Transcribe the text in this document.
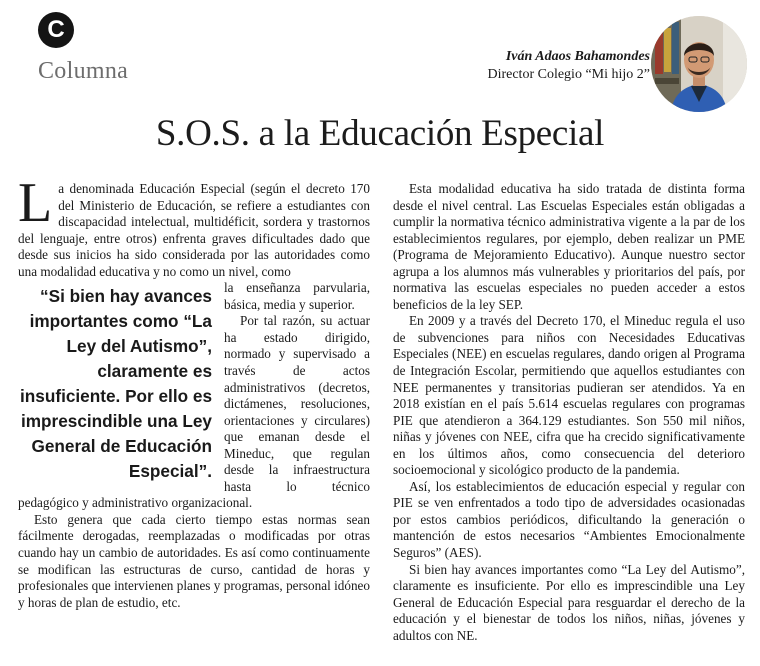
C
Columna
Iván Adaos Bahamondes
Director Colegio “Mi hijo 2”
S.O.S. a la Educación Especial

La denominada Educación Especial (según el decreto 170 del Ministerio de Educación, se refiere a estudiantes con discapacidad intelectual, multidéficit, sordera y trastornos del lenguaje, entre otros) enfrenta graves dificultades dado que desde sus inicios ha sido considerada por las autoridades como una modalidad educativa y no como un nivel, como

“Si bien hay avances importantes como “La Ley del Autismo”, claramente es insuficiente. Por ello es imprescindible una Ley General de Educación Especial”.

la enseñanza parvularia, básica, media y superior.

Por tal razón, su actuar ha estado dirigido, normado y supervisado a través de actos administrativos (decretos, dictámenes, resoluciones, orientaciones y circulares) que emanan desde el Mineduc, que regulan desde la infraestructura hasta lo técnico pedagógico y administrativo organizacional.

Esto genera que cada cierto tiempo estas normas sean fácilmente derogadas, reemplazadas o modificadas por otras cuando hay un cambio de autoridades. Es así como continuamente se modifican las estructuras de curso, cantidad de horas y profesionales que intervienen planes y programas, personal idóneo y horas de plan de estudio, etc.

Esta modalidad educativa ha sido tratada de distinta forma desde el nivel central. Las Escuelas Especiales están obligadas a cumplir la normativa técnico administrativa vigente a la par de los establecimientos regulares, por ejemplo, deben realizar un PME (Programa de Mejoramiento Educativo). Aunque nuestro sector agrupa a los alumnos más vulnerables y prioritarios del país, por normativa las escuelas especiales no pueden acceder a estos beneficios de la ley SEP.

En 2009 y a través del Decreto 170, el Mineduc regula el uso de subvenciones para niños con Necesidades Educativas Especiales (NEE) en escuelas regulares, dando origen al Programa de Integración Escolar, permitiendo que aquellos estudiantes con NEE permanentes y transitorias pudieran ser atendidos. Ya en 2018 existían en el país 5.614 escuelas regulares con programas PIE que atendieron a 364.129 estudiantes. Son 550 mil niños, niñas y jóvenes con NEE, cifra que ha crecido significativamente en los últimos años, como consecuencia del deterioro socioemocional y sicológico producto de la pandemia.

Así, los establecimientos de educación especial y regular con PIE se ven enfrentados a todo tipo de adversidades ocasionadas por estos cambios periódicos, dificultando la generación o mantención de estos necesarios “Ambientes Emocionalmente Seguros” (AES).

Si bien hay avances importantes como “La Ley del Autismo”, claramente es insuficiente. Por ello es imprescindible una Ley General de Educación Especial para resguardar el derecho de la educación y el bienestar de todos los niños, niñas, jóvenes y adultos con NE.
